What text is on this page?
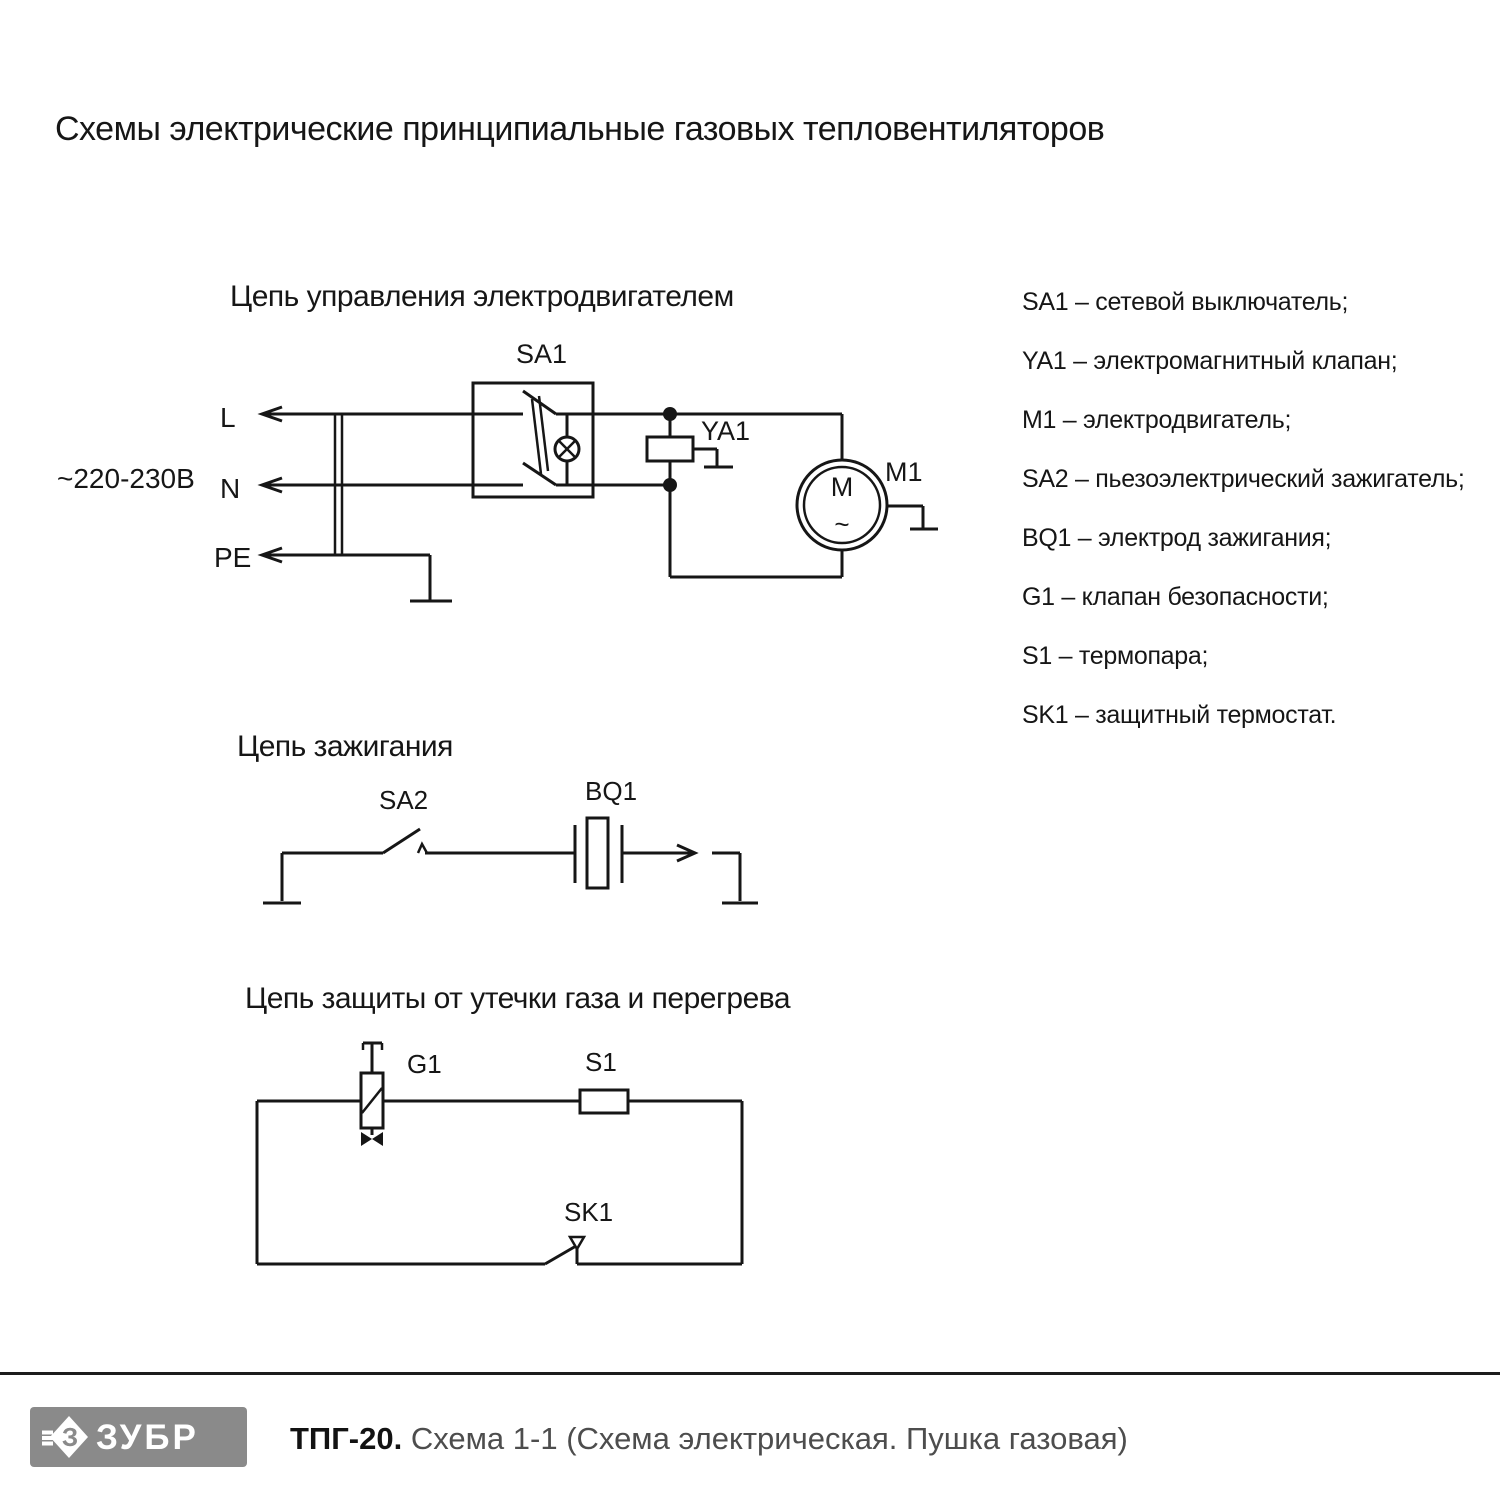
Схемы электрические принципиальные газовых тепловентиляторов
Цепь управления электродвигателем
Цепь зажигания
Цепь защиты от утечки газа и перегрева
SA1 – сетевой выключатель;
YA1 – электромагнитный клапан;
M1 – электродвигатель;
SA2 – пьезоэлектрический зажигатель;
BQ1 – электрод зажигания;
G1 – клапан безопасности;
S1 – термопара;
SK1 – защитный термостат.
~220-230В
L
N
PE
SA1
YA1
M1
M
~
SA2	BQ1
G1	S1
SK1
З ЗУБР	ТПГ-20. Схема 1-1 (Схема электрическая. Пушка газовая)
